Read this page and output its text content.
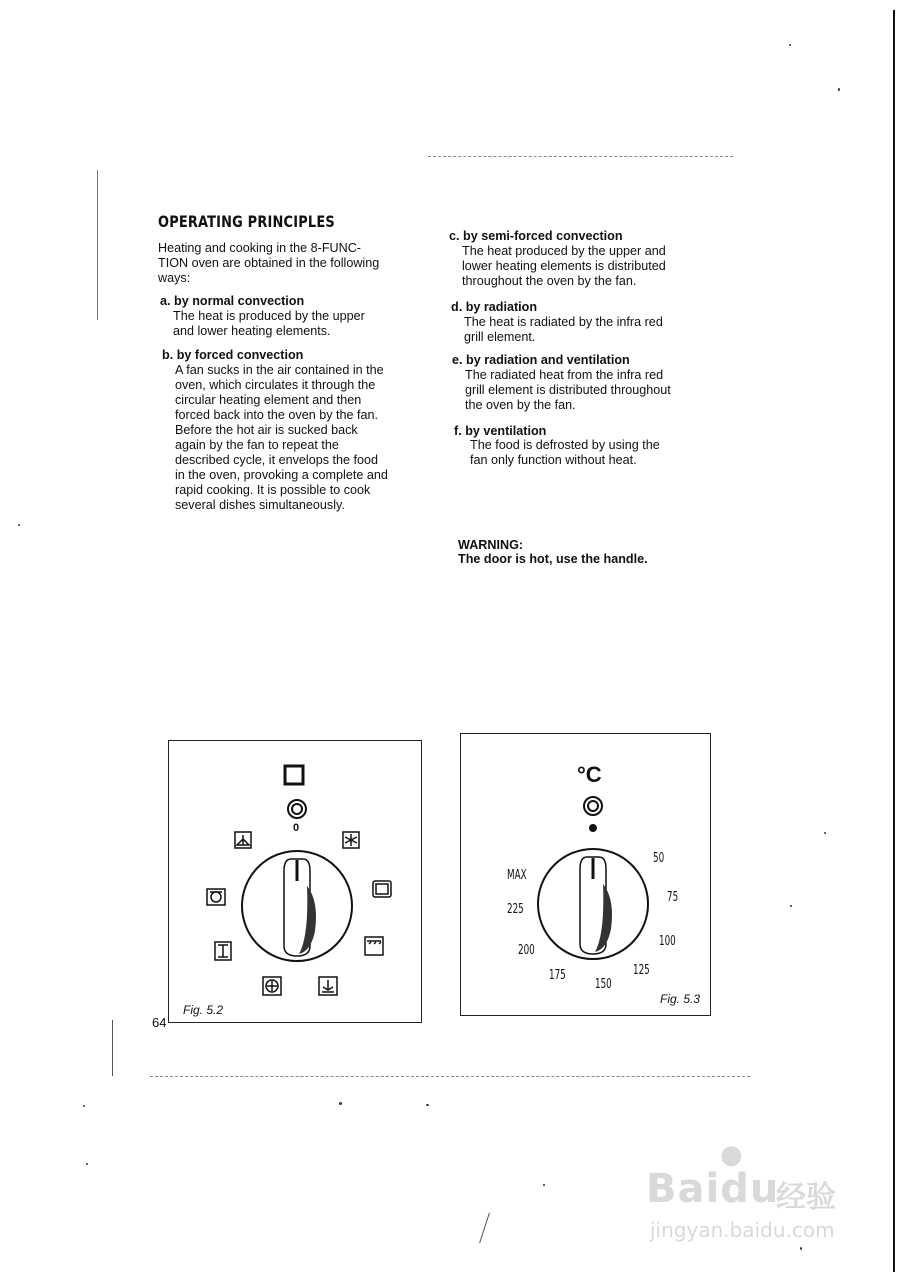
OPERATING PRINCIPLES
Heating and cooking in the 8-FUNC-
TION oven are obtained in the following
ways:
a. by normal convection
The heat is produced by the upper
and lower heating elements.
b. by forced convection
A fan sucks in the air contained in the
oven, which circulates it through the
circular heating element and then
forced back into the oven by the fan.
Before the hot air is sucked back
again by the fan to repeat the
described cycle, it envelops the food
in the oven, provoking a complete and
rapid cooking. It is possible to cook
several dishes simultaneously.
c. by semi-forced convection
The heat produced by the upper and
lower heating elements is distributed
throughout the oven by the fan.
d. by radiation
The heat is radiated by the infra red
grill element.
e. by radiation and ventilation
The radiated heat from the infra red
grill element is distributed throughout
the oven by the fan.
f. by ventilation
The food is defrosted by using the
fan only function without heat.
WARNING:
The door is hot, use the handle.
64
0
Fig. 5.2
°C
50
75
100
125
150
175
200
225
MAX
Fig. 5.3
Baidu
●
经验
jingyan.baidu.com
